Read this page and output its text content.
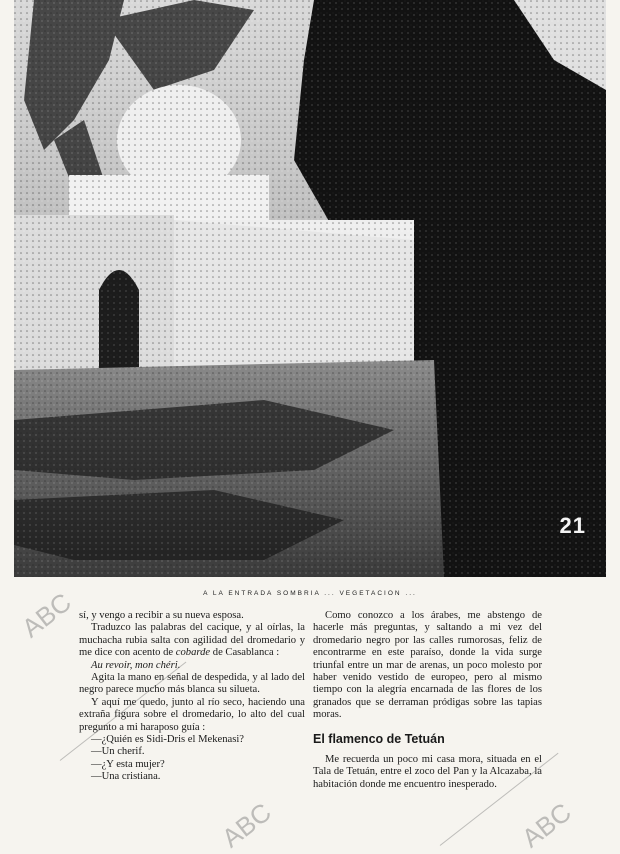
21
A LA ENTRADA SOMBRIA ... VEGETACION ...

sí, y vengo a recibir a su nueva esposa.

Traduzco las palabras del cacique, y al oírlas, la muchacha rubia salta con agilidad del dromedario y me dice con acento de cobarde de Casablanca :

Au revoir, mon chéri.

Agita la mano en señal de despedida, y al lado del negro parece mucho más blanca su silueta.

Y aquí me quedo, junto al río seco, haciendo una extraña figura sobre el dromedario, lo alto del cual pregunto a mi haraposo guía :

—¿Quién es Sidi-Dris el Mekenasi?

—Un cherif.

—¿Y esta mujer?

—Una cristiana.

Como conozco a los árabes, me abstengo de hacerle más preguntas, y saltando a mi vez del dromedario negro por las calles rumorosas, feliz de encontrarme en este paraíso, donde la vida surge triunfal entre un mar de arenas, un poco molesto por haber venido vestido de europeo, pero al mismo tiempo con la alegría encarnada de las flores de los granados que se derraman pródigas sobre las tapias moras.

El flamenco de Tetuán

Me recuerda un poco mi casa mora, situada en el Tala de Tetuán, entre el zoco del Pan y la Alcazaba, la habitación donde me encuentro inesperado.

ABC
ABC	ABC
